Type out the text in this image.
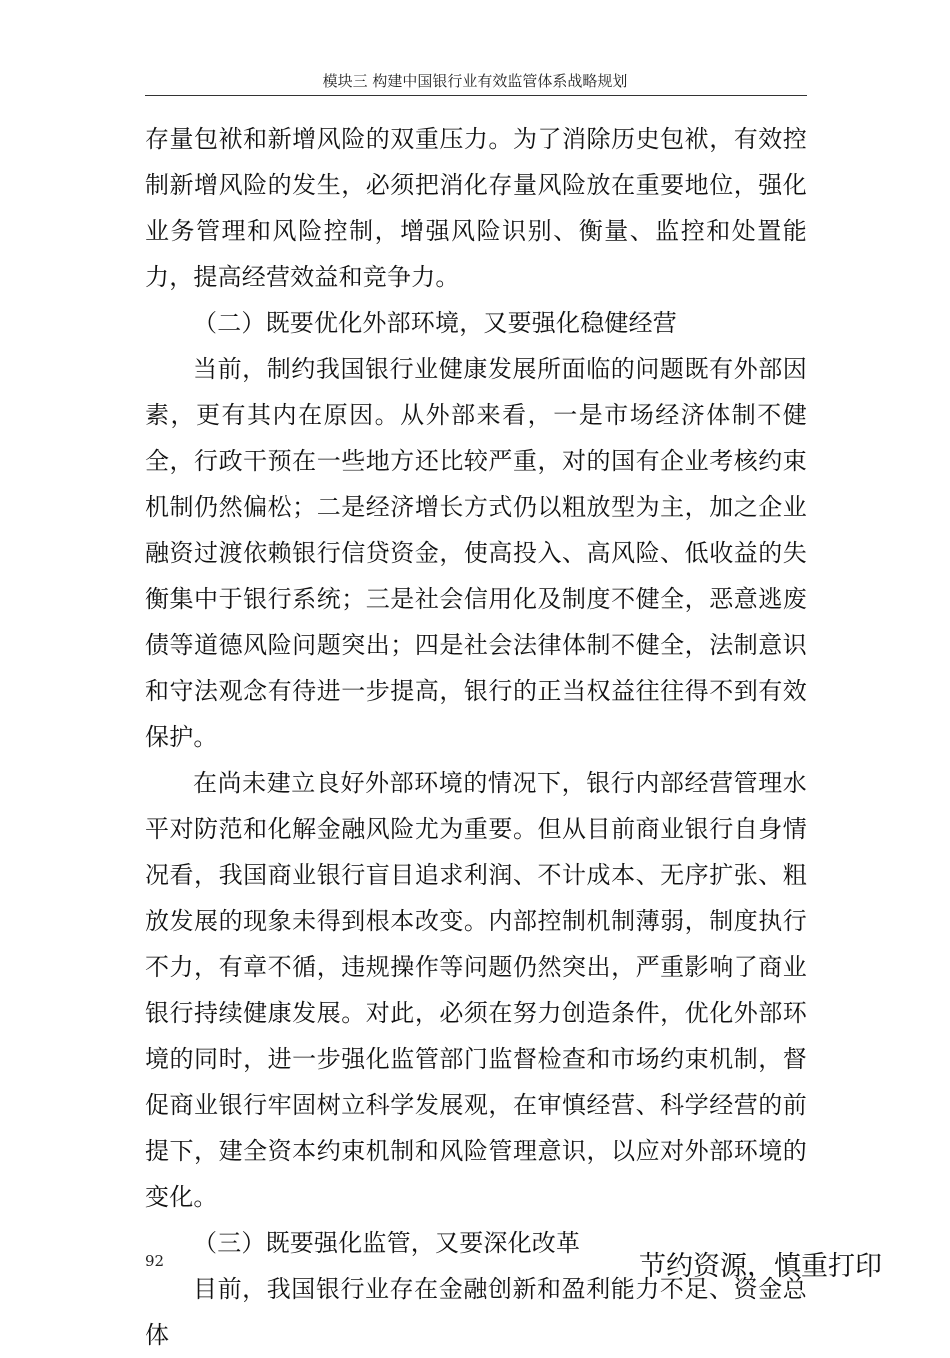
模块三 构建中国银行业有效监管体系战略规划

存量包袱和新增风险的双重压力。为了消除历史包袱，有效控制新增风险的发生，必须把消化存量风险放在重要地位，强化业务管理和风险控制，增强风险识别、衡量、监控和处置能力，提高经营效益和竞争力。

（二）既要优化外部环境，又要强化稳健经营

当前，制约我国银行业健康发展所面临的问题既有外部因素，更有其内在原因。从外部来看，一是市场经济体制不健全，行政干预在一些地方还比较严重，对的国有企业考核约束机制仍然偏松；二是经济增长方式仍以粗放型为主，加之企业融资过渡依赖银行信贷资金，使高投入、高风险、低收益的失衡集中于银行系统；三是社会信用化及制度不健全，恶意逃废债等道德风险问题突出；四是社会法律体制不健全，法制意识和守法观念有待进一步提高，银行的正当权益往往得不到有效保护。

在尚未建立良好外部环境的情况下，银行内部经营管理水平对防范和化解金融风险尤为重要。但从目前商业银行自身情况看，我国商业银行盲目追求利润、不计成本、无序扩张、粗放发展的现象未得到根本改变。内部控制机制薄弱，制度执行不力，有章不循，违规操作等问题仍然突出，严重影响了商业银行持续健康发展。对此，必须在努力创造条件，优化外部环境的同时，进一步强化监管部门监督检查和市场约束机制，督促商业银行牢固树立科学发展观，在审慎经营、科学经营的前提下，建全资本约束机制和风险管理意识，以应对外部环境的变化。

（三）既要强化监管，又要深化改革

目前，我国银行业存在金融创新和盈利能力不足、资金总体

92	节约资源，慎重打印
